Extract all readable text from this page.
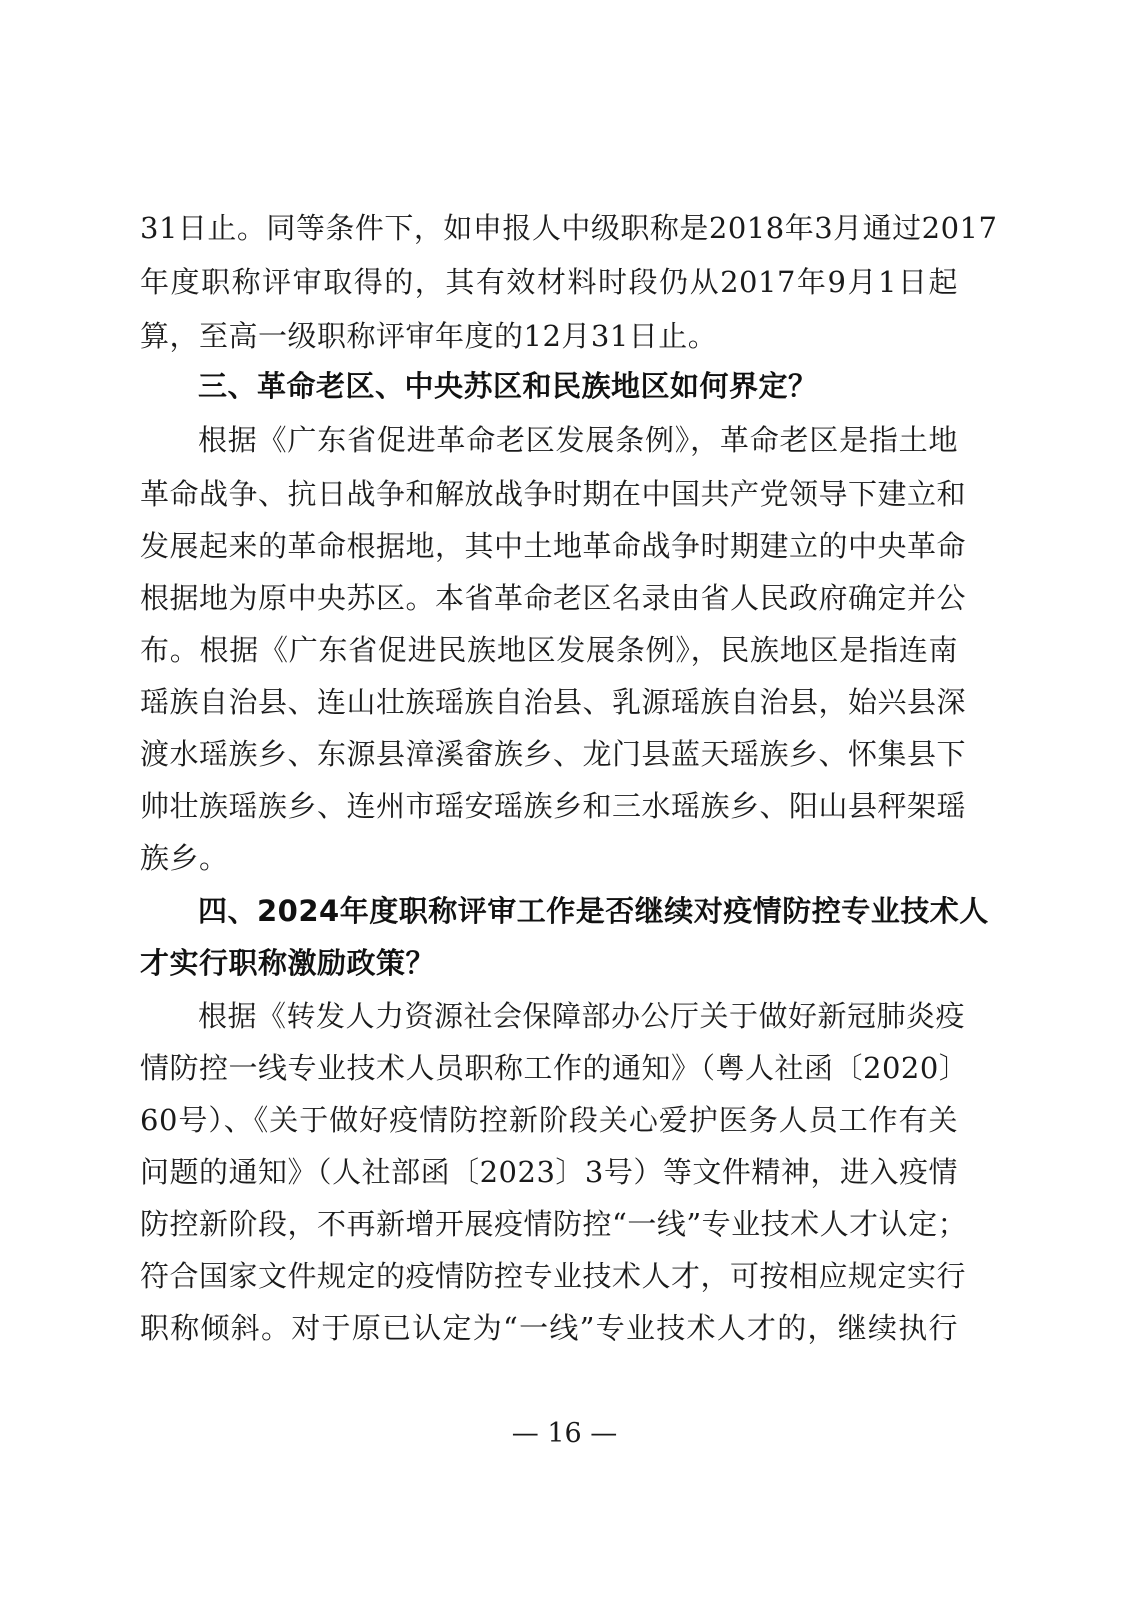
31日止。同等条件下，如申报人中级职称是2018年3月通过2017
年度职称评审取得的，其有效材料时段仍从2017年9月1日起
算，至高一级职称评审年度的12月31日止。
三、革命老区、中央苏区和民族地区如何界定？
根据《广东省促进革命老区发展条例》，革命老区是指土地
革命战争、抗日战争和解放战争时期在中国共产党领导下建立和
发展起来的革命根据地，其中土地革命战争时期建立的中央革命
根据地为原中央苏区。本省革命老区名录由省人民政府确定并公
布。根据《广东省促进民族地区发展条例》，民族地区是指连南
瑶族自治县、连山壮族瑶族自治县、乳源瑶族自治县，始兴县深
渡水瑶族乡、东源县漳溪畲族乡、龙门县蓝天瑶族乡、怀集县下
帅壮族瑶族乡、连州市瑶安瑶族乡和三水瑶族乡、阳山县秤架瑶
族乡。
四、2024年度职称评审工作是否继续对疫情防控专业技术人
才实行职称激励政策？
根据《转发人力资源社会保障部办公厅关于做好新冠肺炎疫
情防控一线专业技术人员职称工作的通知》（粤人社函〔2020〕
60号）、《关于做好疫情防控新阶段关心爱护医务人员工作有关
问题的通知》（人社部函〔2023〕3号）等文件精神，进入疫情
防控新阶段，不再新增开展疫情防控“一线”专业技术人才认定；
符合国家文件规定的疫情防控专业技术人才，可按相应规定实行
职称倾斜。对于原已认定为“一线”专业技术人才的，继续执行
— 16 —
